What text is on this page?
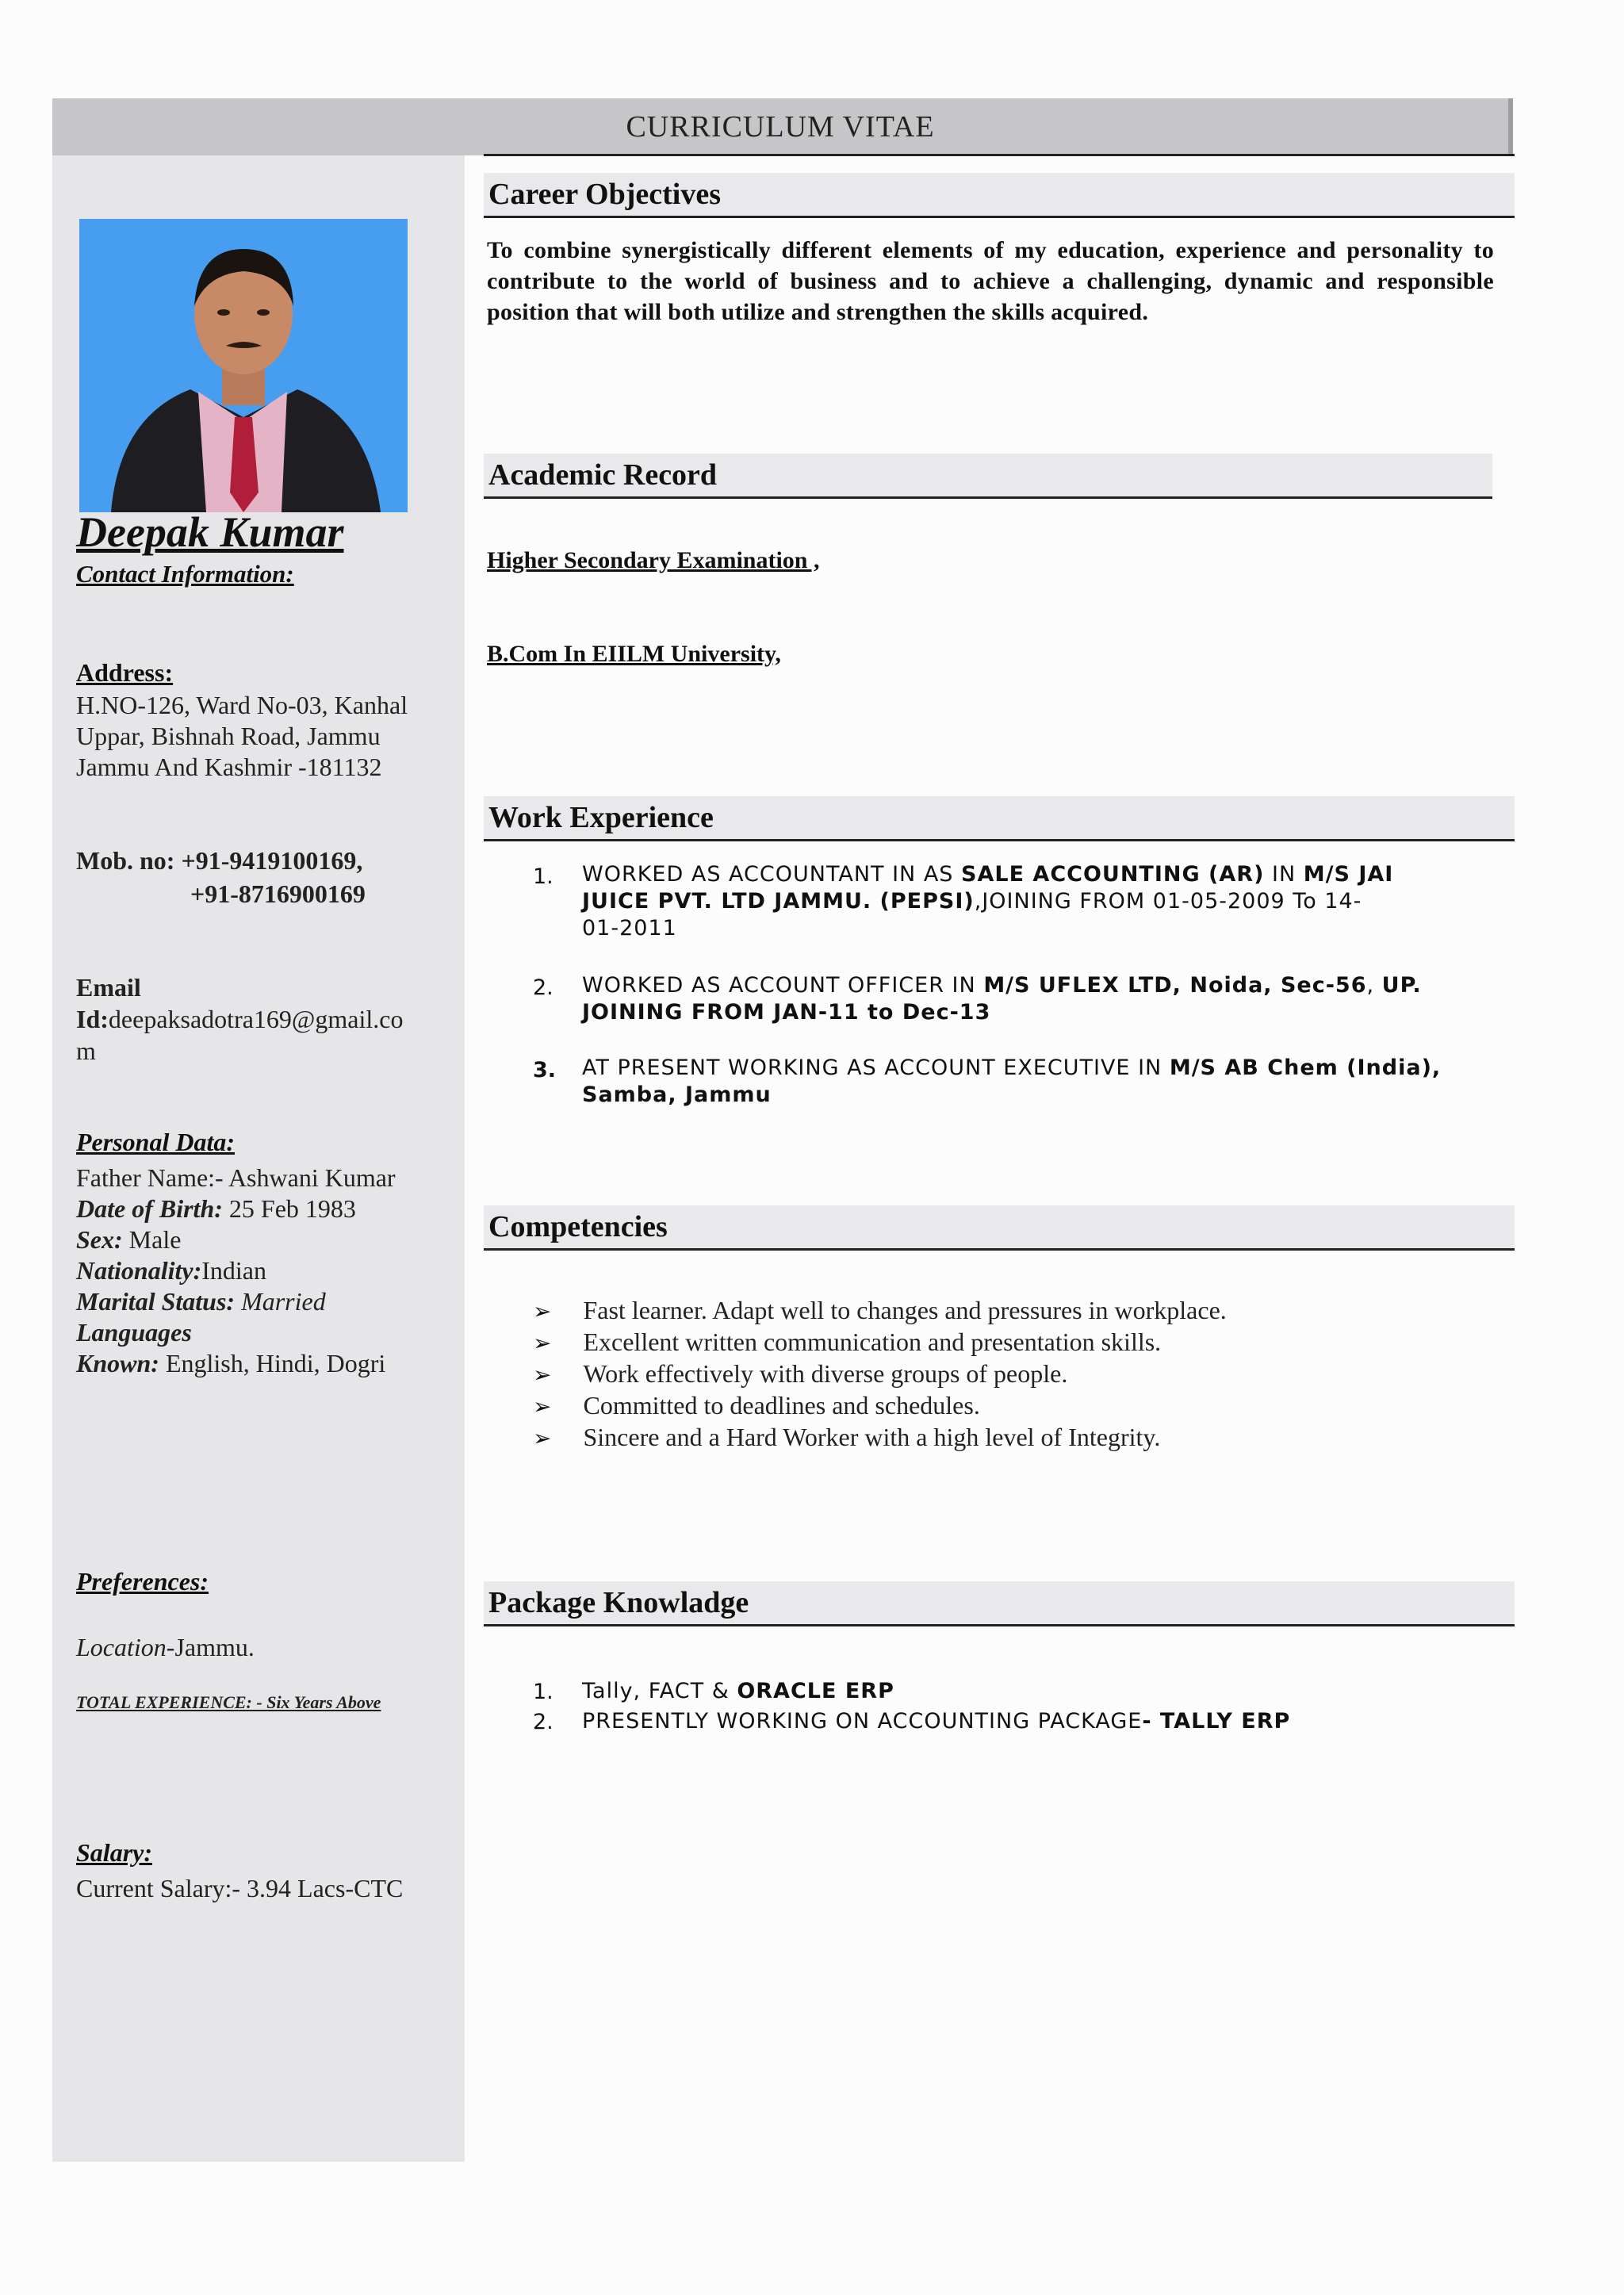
CURRICULUM VITAE
Deepak Kumar
Contact Information:
Address:
H.NO-126, Ward No-03, Kanhal
Uppar, Bishnah Road, Jammu
Jammu And Kashmir -181132
Mob. no: +91-9419100169,
+91-8716900169
Email
Id:deepaksadotra169@gmail.co
m
Personal Data:
Father Name:- Ashwani Kumar
Date of Birth: 25 Feb 1983
Sex: Male
Nationality:Indian
Marital Status: Married
Languages
Known: English, Hindi, Dogri
Preferences:
Location-Jammu.
TOTAL EXPERIENCE: - Six Years Above
Salary:
Current Salary:- 3.94 Lacs-CTC
Career Objectives
To combine synergistically different elements of my education, experience and personality to contribute to the world of business and to achieve a challenging, dynamic and responsible position that will both utilize and strengthen the skills acquired.
Academic Record
Higher Secondary Examination ,
B.Com In EIILM University,
Work Experience
1. WORKED AS ACCOUNTANT IN AS SALE ACCOUNTING (AR) IN M/S JAI
JUICE PVT. LTD JAMMU. (PEPSI),JOINING FROM 01-05-2009 To 14-
01-2011
2. WORKED AS ACCOUNT OFFICER IN M/S UFLEX LTD, Noida, Sec-56, UP.
JOINING FROM JAN-11 to Dec-13
3. AT PRESENT WORKING AS ACCOUNT EXECUTIVE IN M/S AB Chem (India),
Samba, Jammu
Competencies
➢ Fast learner. Adapt well to changes and pressures in workplace.
➢ Excellent written communication and presentation skills.
➢ Work effectively with diverse groups of people.
➢ Committed to deadlines and schedules.
➢ Sincere and a Hard Worker with a high level of Integrity.
Package Knowladge
1. Tally, FACT & ORACLE ERP
2. PRESENTLY WORKING ON ACCOUNTING PACKAGE- TALLY ERP
